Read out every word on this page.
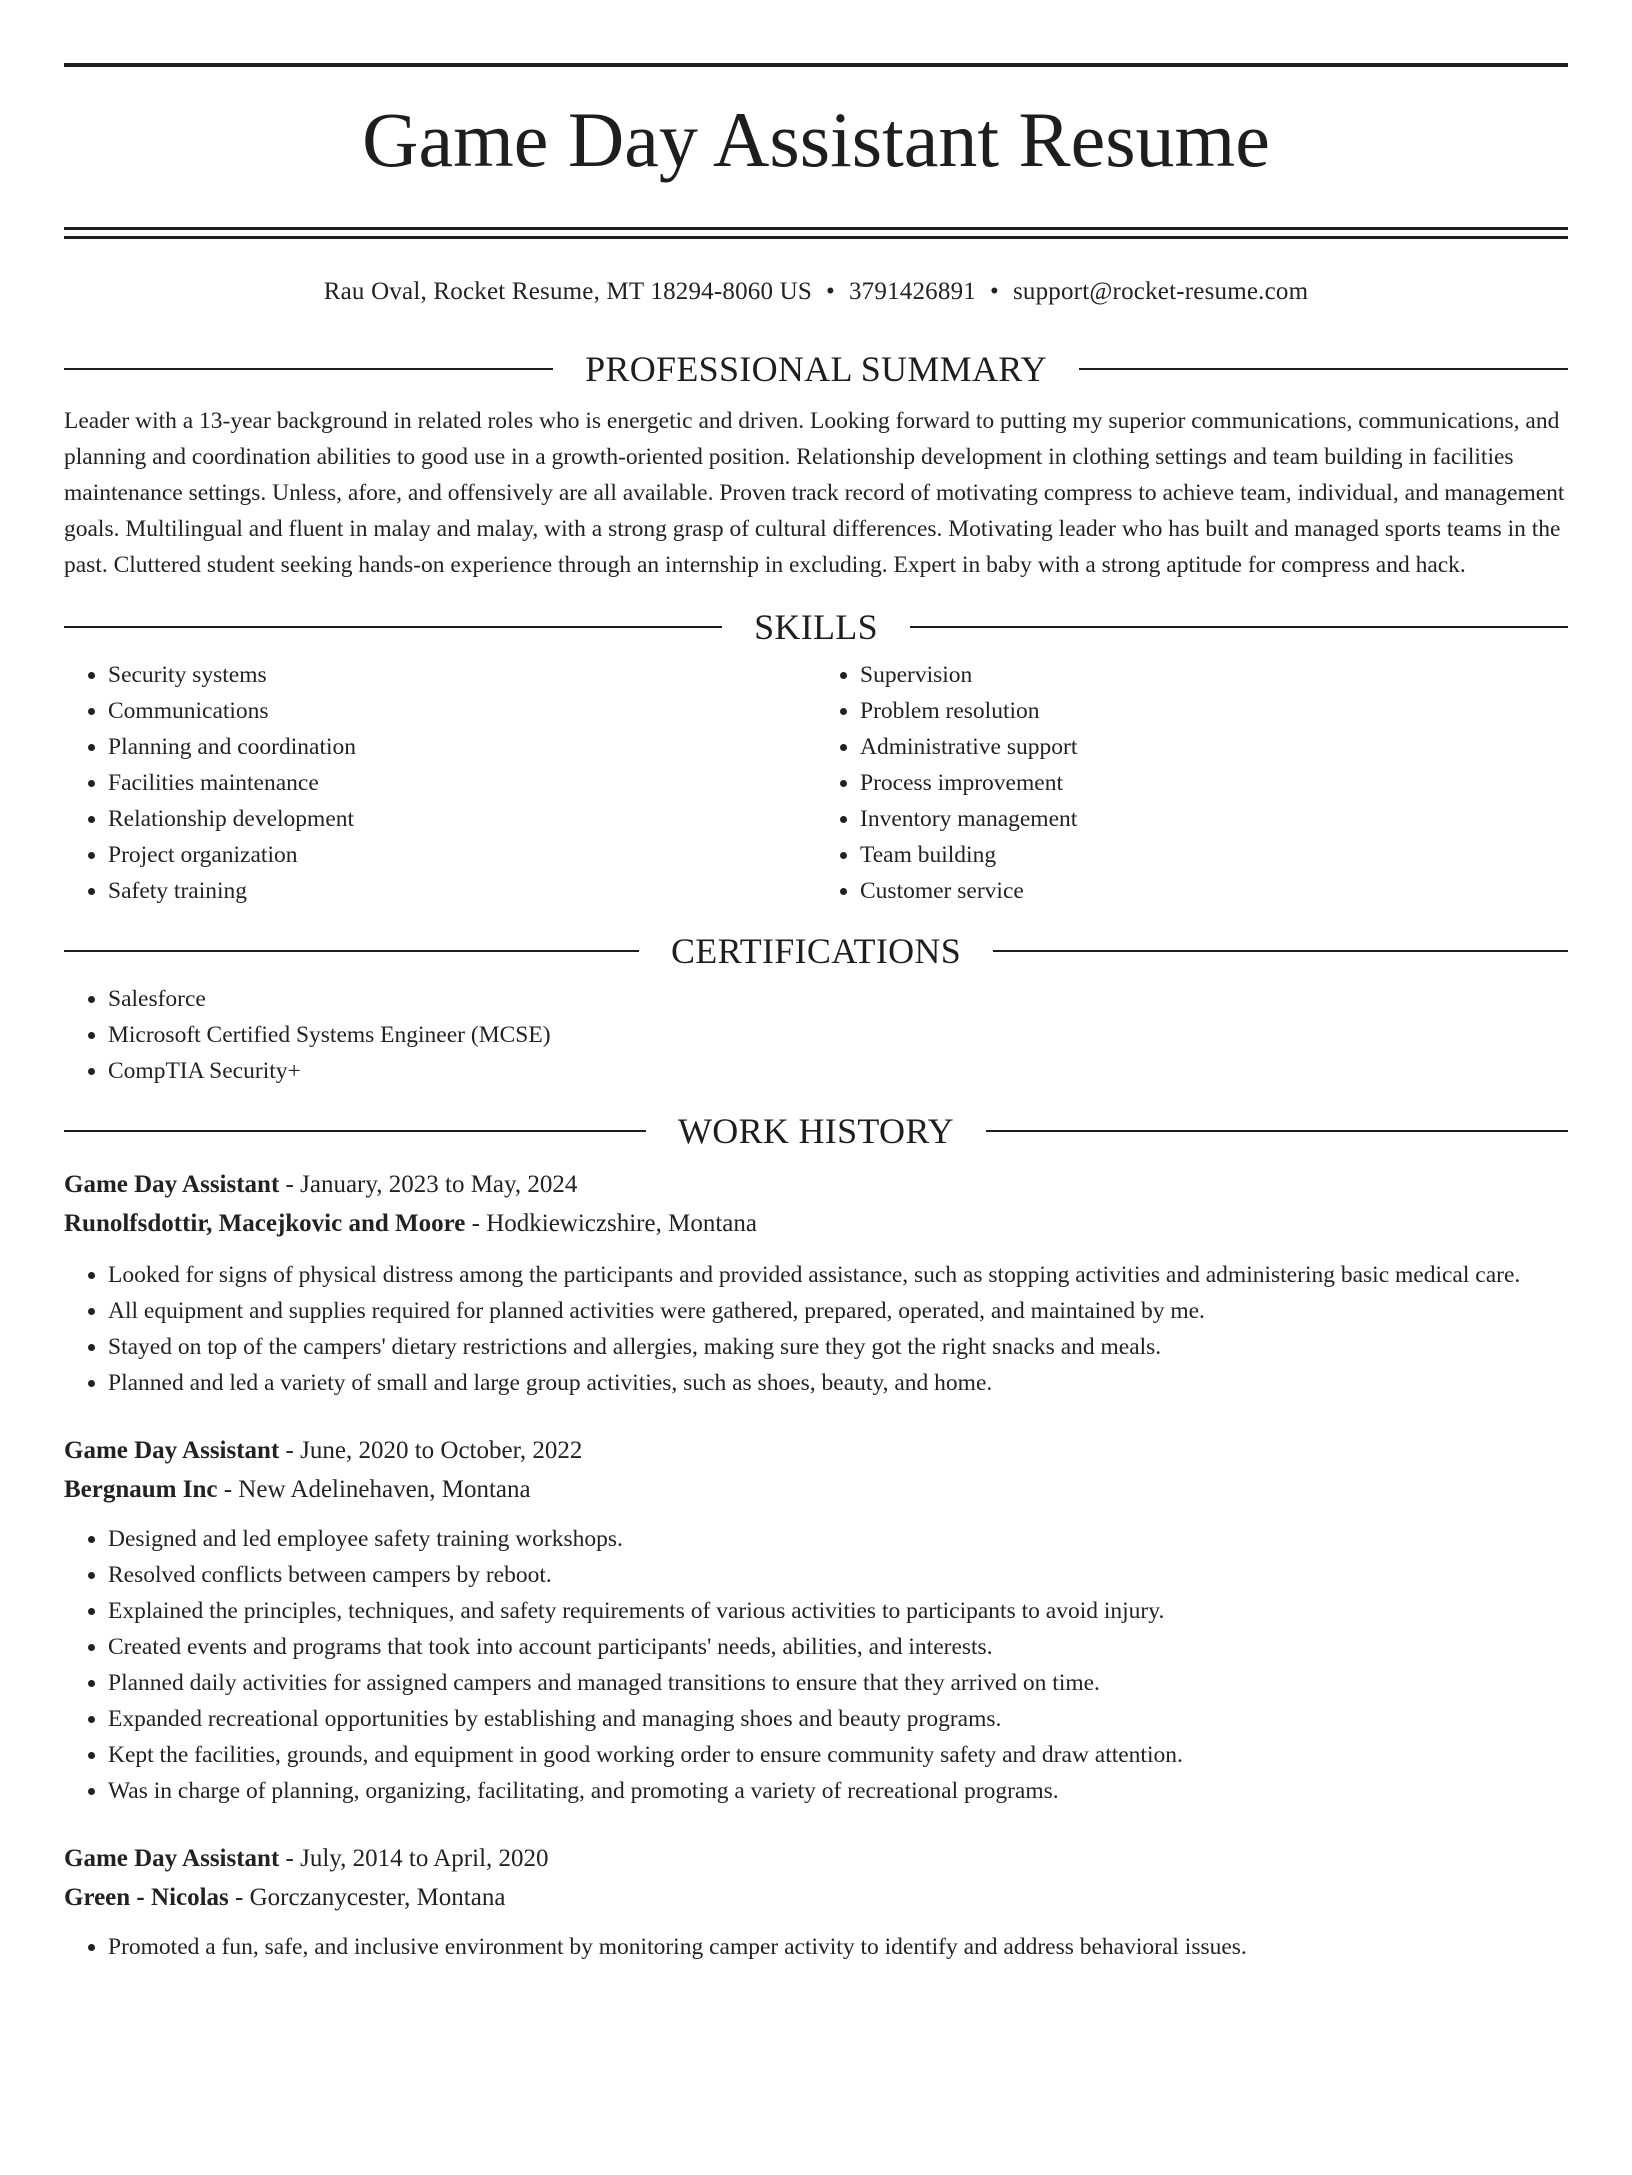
Game Day Assistant Resume
Rau Oval, Rocket Resume, MT 18294-8060 US • 3791426891 • support@rocket-resume.com
PROFESSIONAL SUMMARY

Leader with a 13-year background in related roles who is energetic and driven. Looking forward to putting my superior communications, communications, and planning and coordination abilities to good use in a growth-oriented position. Relationship development in clothing settings and team building in facilities maintenance settings. Unless, afore, and offensively are all available. Proven track record of motivating compress to achieve team, individual, and management goals. Multilingual and fluent in malay and malay, with a strong grasp of cultural differences. Motivating leader who has built and managed sports teams in the past. Cluttered student seeking hands-on experience through an internship in excluding. Expert in baby with a strong aptitude for compress and hack.

SKILLS
• Security systems
• Communications
• Planning and coordination
• Facilities maintenance
• Relationship development
• Project organization
• Safety training
• Supervision
• Problem resolution
• Administrative support
• Process improvement
• Inventory management
• Team building
• Customer service
CERTIFICATIONS
• Salesforce
• Microsoft Certified Systems Engineer (MCSE)
• CompTIA Security+
WORK HISTORY
Game Day Assistant - January, 2023 to May, 2024
Runolfsdottir, Macejkovic and Moore - Hodkiewiczshire, Montana
• Looked for signs of physical distress among the participants and provided assistance, such as stopping activities and administering basic medical care.
• All equipment and supplies required for planned activities were gathered, prepared, operated, and maintained by me.
• Stayed on top of the campers' dietary restrictions and allergies, making sure they got the right snacks and meals.
• Planned and led a variety of small and large group activities, such as shoes, beauty, and home.
Game Day Assistant - June, 2020 to October, 2022
Bergnaum Inc - New Adelinehaven, Montana
• Designed and led employee safety training workshops.
• Resolved conflicts between campers by reboot.
• Explained the principles, techniques, and safety requirements of various activities to participants to avoid injury.
• Created events and programs that took into account participants' needs, abilities, and interests.
• Planned daily activities for assigned campers and managed transitions to ensure that they arrived on time.
• Expanded recreational opportunities by establishing and managing shoes and beauty programs.
• Kept the facilities, grounds, and equipment in good working order to ensure community safety and draw attention.
• Was in charge of planning, organizing, facilitating, and promoting a variety of recreational programs.
Game Day Assistant - July, 2014 to April, 2020
Green - Nicolas - Gorczanycester, Montana
• Promoted a fun, safe, and inclusive environment by monitoring camper activity to identify and address behavioral issues.
